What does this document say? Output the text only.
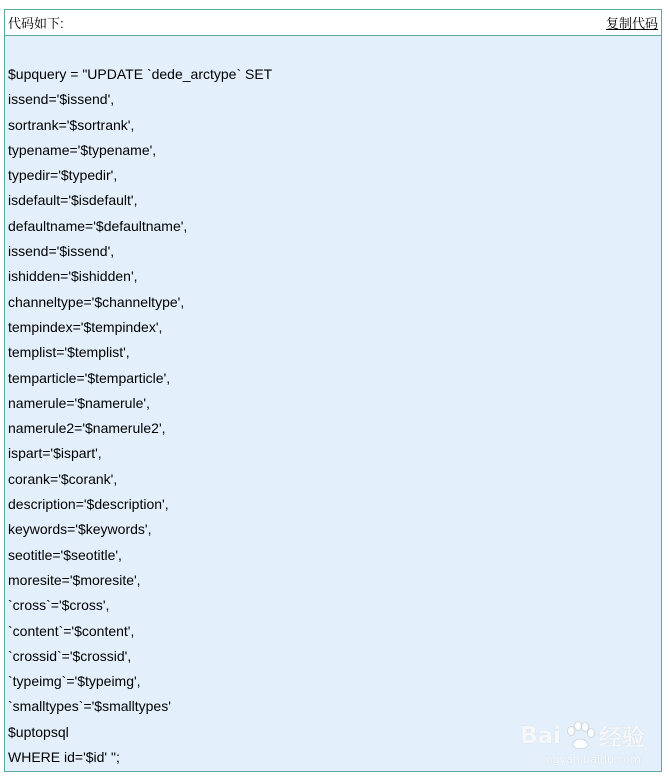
代码如下:	复制代码
$upquery = "UPDATE `dede_arctype` SET
issend='$issend',
sortrank='$sortrank',
typename='$typename',
typedir='$typedir',
isdefault='$isdefault',
defaultname='$defaultname',
issend='$issend',
ishidden='$ishidden',
channeltype='$channeltype',
tempindex='$tempindex',
templist='$templist',
temparticle='$temparticle',
namerule='$namerule',
namerule2='$namerule2',
ispart='$ispart',
corank='$corank',
description='$description',
keywords='$keywords',
seotitle='$seotitle',
moresite='$moresite',
`cross`='$cross',
`content`='$content',
`crossid`='$crossid',
`typeimg`='$typeimg',
`smalltypes`='$smalltypes'
$uptopsql
WHERE id='$id' ";
Bai 经验
jingyan.baidu.com
